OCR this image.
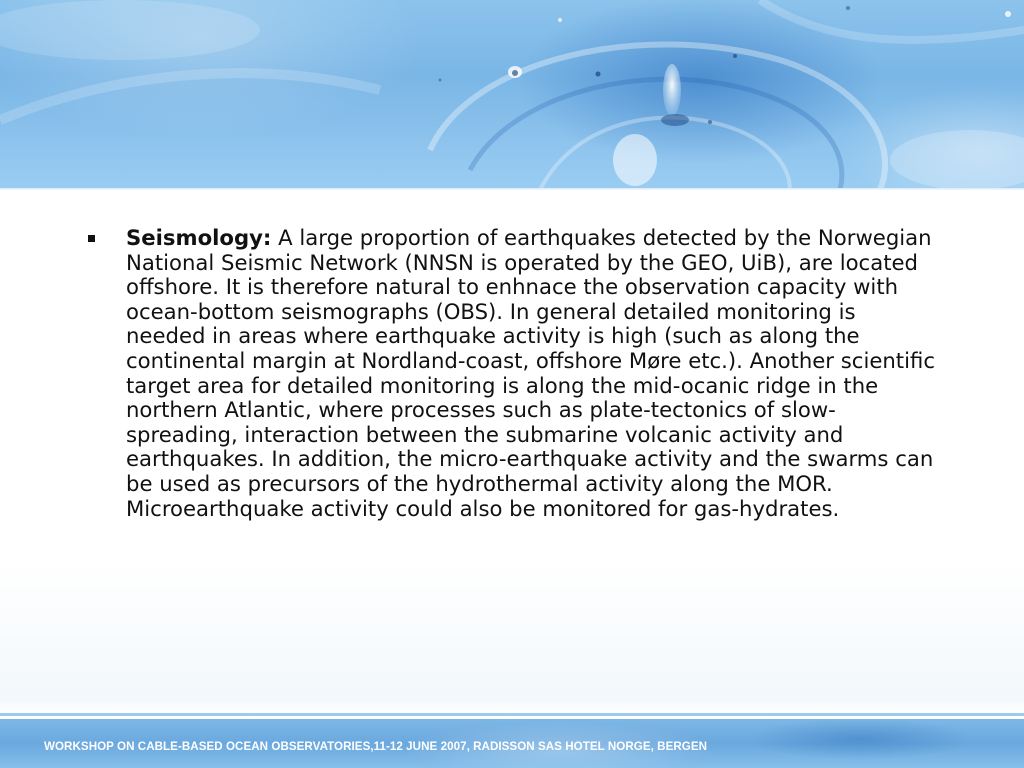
Seismology: A large proportion of earthquakes detected by the Norwegian National Seismic Network (NNSN is operated by the GEO, UiB), are located offshore. It is therefore natural to enhnace the observation capacity with ocean-bottom seismographs (OBS). In general detailed monitoring is needed in areas where earthquake activity is high (such as along the continental margin at Nordland-coast, offshore Møre etc.). Another scientific target area for detailed monitoring is along the mid-ocanic ridge in the northern Atlantic, where processes such as plate-tectonics of slow-spreading, interaction between the submarine volcanic activity and earthquakes. In addition, the micro-earthquake activity and the swarms can be used as precursors of the hydrothermal activity along the MOR. Microearthquake activity could also be monitored for gas-hydrates.

WORKSHOP ON CABLE-BASED OCEAN OBSERVATORIES,11-12 JUNE 2007, RADISSON SAS HOTEL NORGE, BERGEN
